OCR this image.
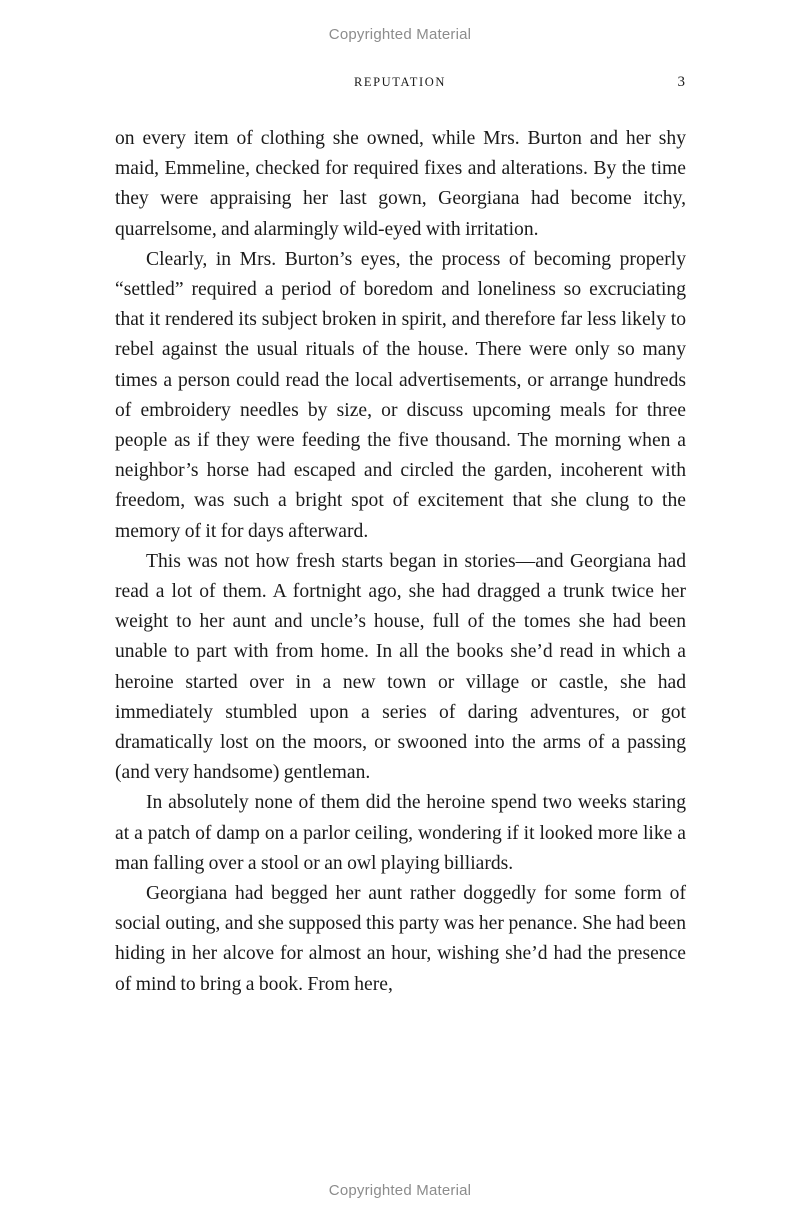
Copyrighted Material
REPUTATION	3

on every item of clothing she owned, while Mrs. Burton and her shy maid, Emmeline, checked for required fixes and alterations. By the time they were appraising her last gown, Georgiana had become itchy, quarrelsome, and alarmingly wild-eyed with irritation.

Clearly, in Mrs. Burton’s eyes, the process of becoming properly “settled” required a period of boredom and loneliness so excruciating that it rendered its subject broken in spirit, and therefore far less likely to rebel against the usual rituals of the house. There were only so many times a person could read the local advertisements, or arrange hundreds of embroidery needles by size, or discuss upcoming meals for three people as if they were feeding the five thousand. The morning when a neighbor’s horse had escaped and circled the garden, incoherent with freedom, was such a bright spot of excitement that she clung to the memory of it for days afterward.

This was not how fresh starts began in stories—and Georgiana had read a lot of them. A fortnight ago, she had dragged a trunk twice her weight to her aunt and uncle’s house, full of the tomes she had been unable to part with from home. In all the books she’d read in which a heroine started over in a new town or village or castle, she had immediately stumbled upon a series of daring adventures, or got dramatically lost on the moors, or swooned into the arms of a passing (and very handsome) gentleman.

In absolutely none of them did the heroine spend two weeks staring at a patch of damp on a parlor ceiling, wondering if it looked more like a man falling over a stool or an owl playing billiards.

Georgiana had begged her aunt rather doggedly for some form of social outing, and she supposed this party was her penance. She had been hiding in her alcove for almost an hour, wishing she’d had the presence of mind to bring a book. From here,

Copyrighted Material
